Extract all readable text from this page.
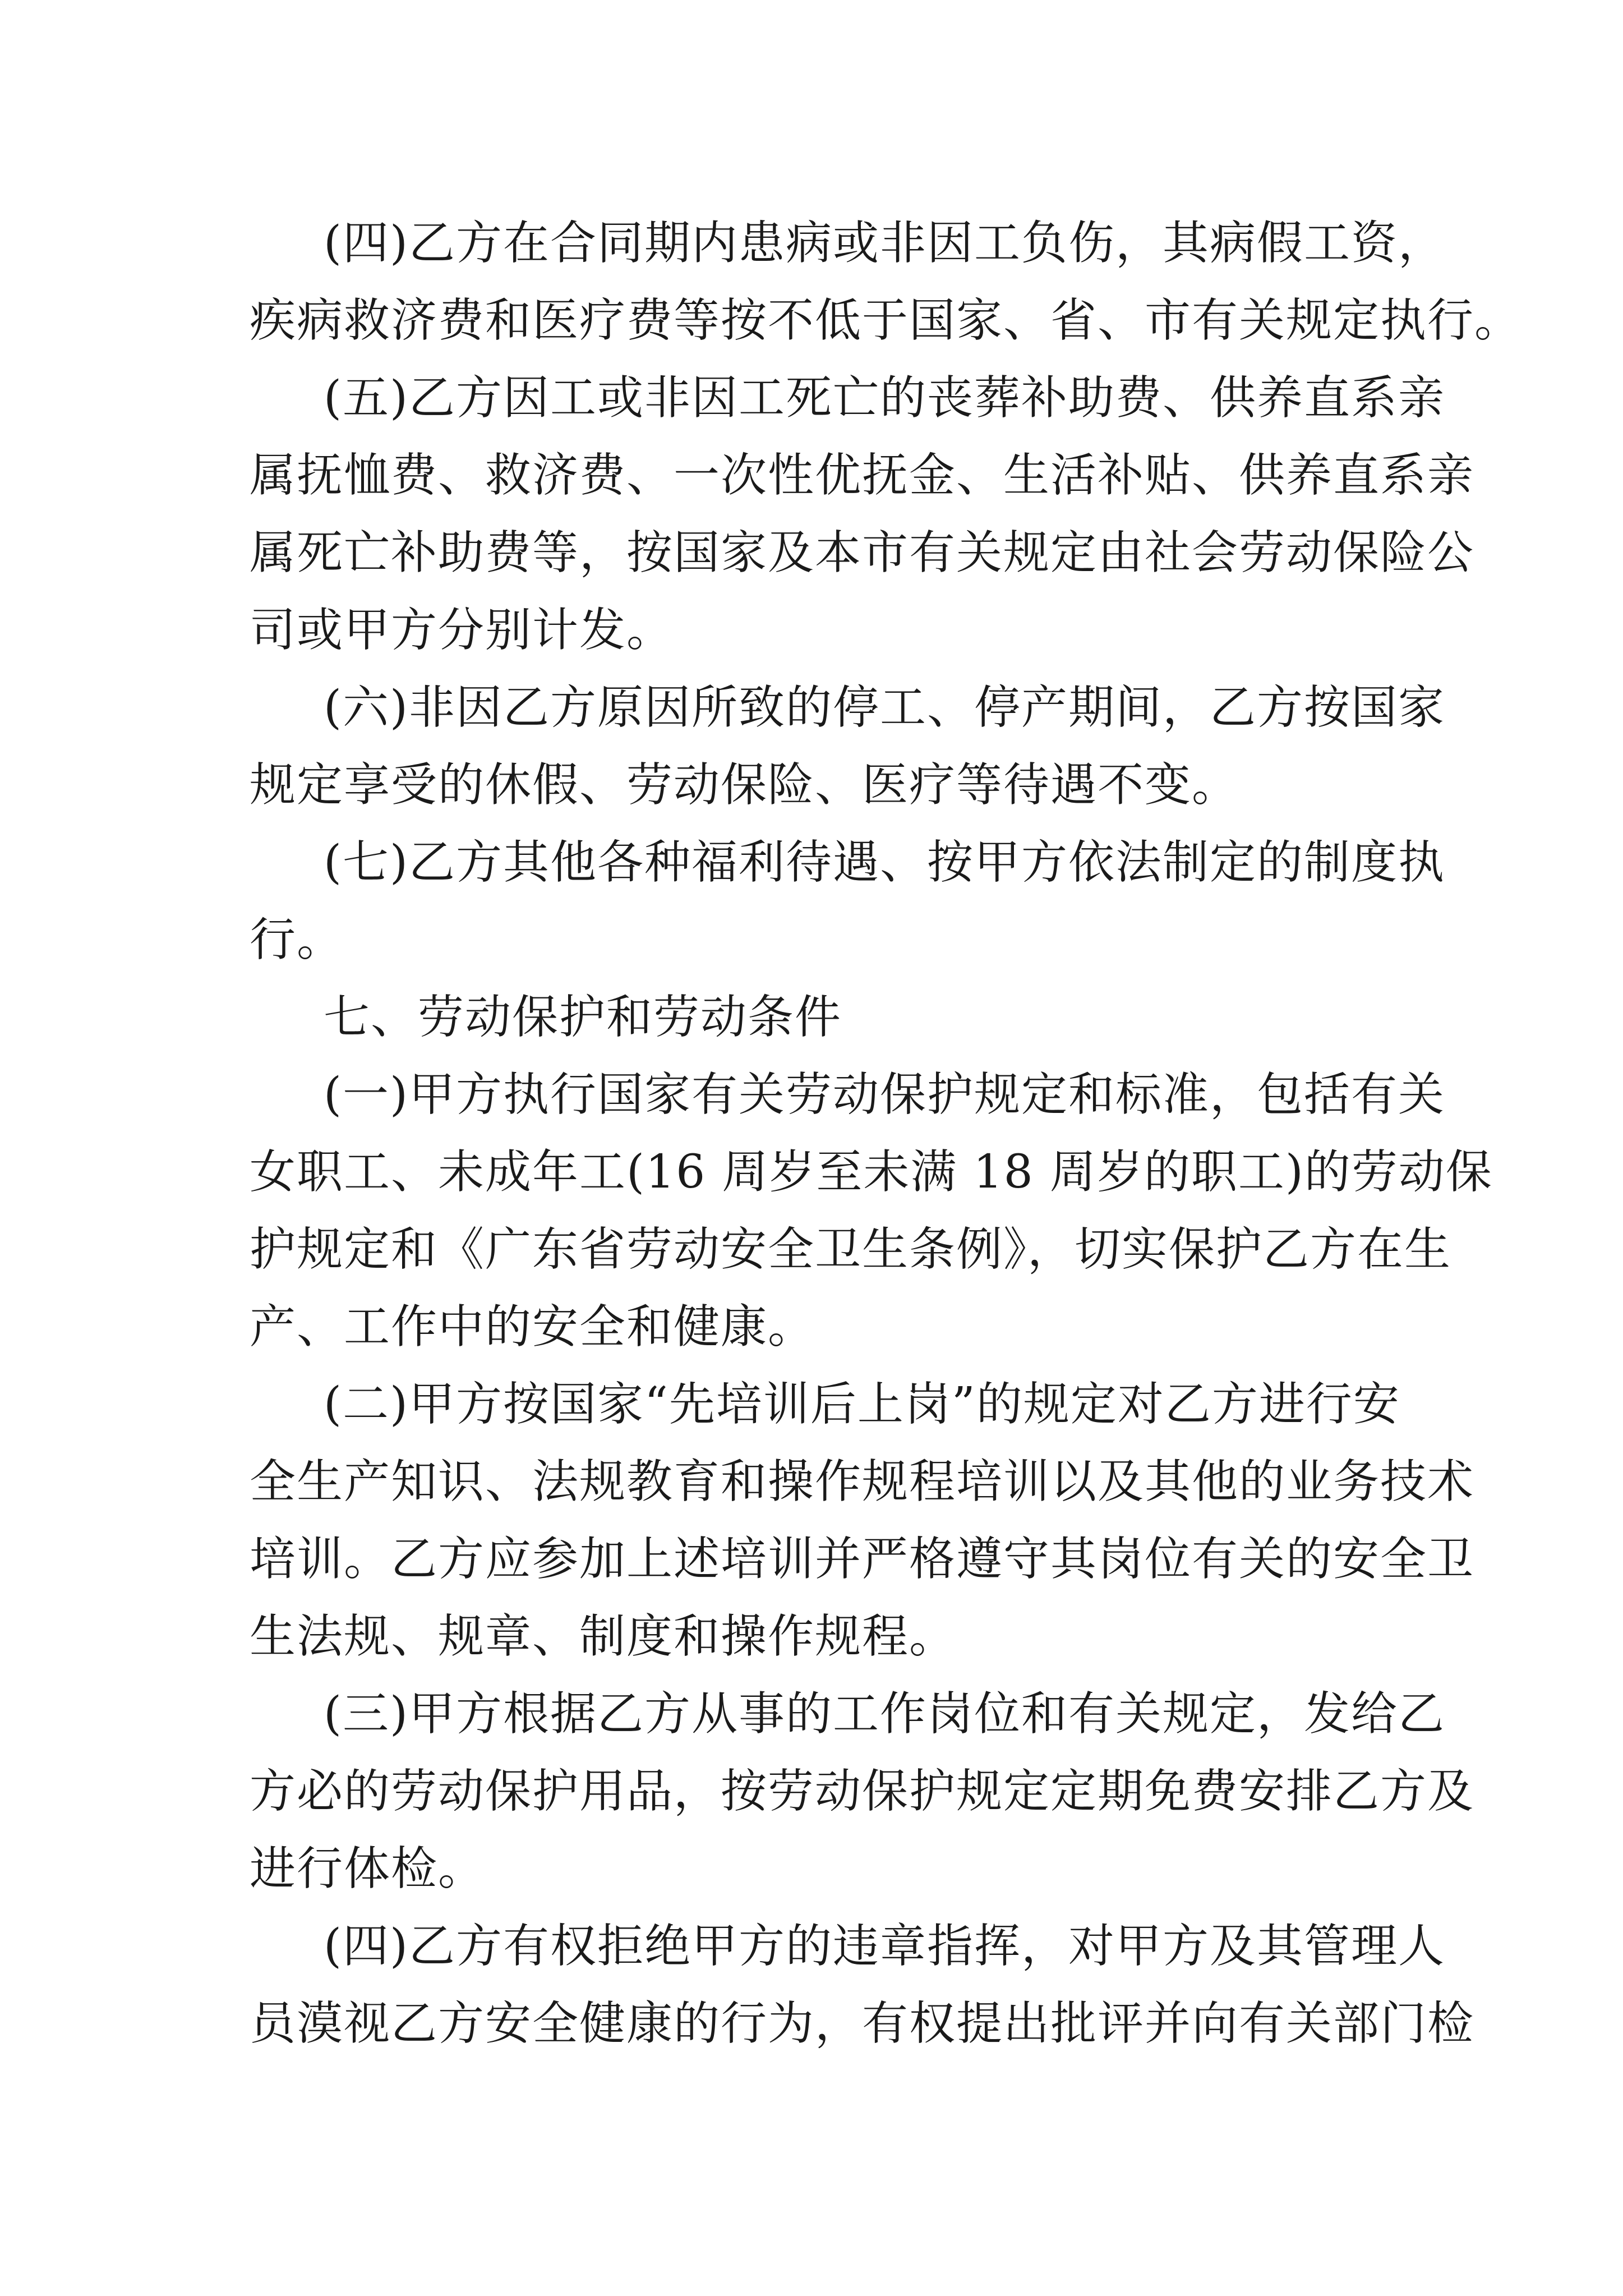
(四)乙方在合同期内患病或非因工负伤，其病假工资，

疾病救济费和医疗费等按不低于国家、省、市有关规定执行。

(五)乙方因工或非因工死亡的丧葬补助费、供养直系亲

属抚恤费、救济费、一次性优抚金、生活补贴、供养直系亲

属死亡补助费等，按国家及本市有关规定由社会劳动保险公

司或甲方分别计发。

(六)非因乙方原因所致的停工、停产期间，乙方按国家

规定享受的休假、劳动保险、医疗等待遇不变。

(七)乙方其他各种福利待遇、按甲方依法制定的制度执

行。

七、劳动保护和劳动条件

(一)甲方执行国家有关劳动保护规定和标准，包括有关

女职工、未成年工(16 周岁至未满 18 周岁的职工)的劳动保

护规定和《广东省劳动安全卫生条例》，切实保护乙方在生

产、工作中的安全和健康。

(二)甲方按国家“先培训后上岗”的规定对乙方进行安

全生产知识、法规教育和操作规程培训以及其他的业务技术

培训。乙方应参加上述培训并严格遵守其岗位有关的安全卫

生法规、规章、制度和操作规程。

(三)甲方根据乙方从事的工作岗位和有关规定，发给乙

方必的劳动保护用品，按劳动保护规定定期免费安排乙方及

进行体检。

(四)乙方有权拒绝甲方的违章指挥，对甲方及其管理人

员漠视乙方安全健康的行为，有权提出批评并向有关部门检
